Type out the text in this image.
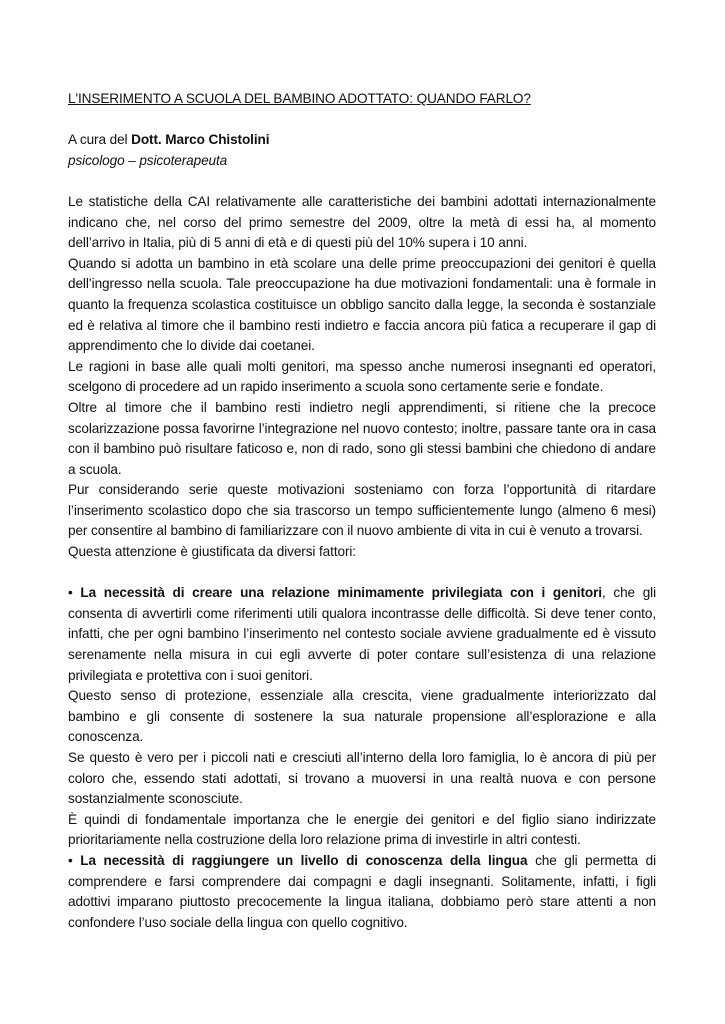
L'INSERIMENTO A SCUOLA DEL BAMBINO ADOTTATO: QUANDO FARLO?
A cura del Dott. Marco Chistolini
psicologo – psicoterapeuta

Le statistiche della CAI relativamente alle caratteristiche dei bambini adottati internazionalmente indicano che, nel corso del primo semestre del 2009, oltre la metà di essi ha, al momento dell’arrivo in Italia, più di 5 anni di età e di questi più del 10% supera i 10 anni.

Quando si adotta un bambino in età scolare una delle prime preoccupazioni dei genitori è quella dell’ingresso nella scuola. Tale preoccupazione ha due motivazioni fondamentali: una è formale in quanto la frequenza scolastica costituisce un obbligo sancito dalla legge, la seconda è sostanziale ed è relativa al timore che il bambino resti indietro e faccia ancora più fatica a recuperare il gap di apprendimento che lo divide dai coetanei.

Le ragioni in base alle quali molti genitori, ma spesso anche numerosi insegnanti ed operatori, scelgono di procedere ad un rapido inserimento a scuola sono certamente serie e fondate.

Oltre al timore che il bambino resti indietro negli apprendimenti, si ritiene che la precoce scolarizzazione possa favorirne l’integrazione nel nuovo contesto; inoltre, passare tante ora in casa con il bambino può risultare faticoso e, non di rado, sono gli stessi bambini che chiedono di andare a scuola.

Pur considerando serie queste motivazioni sosteniamo con forza l’opportunità di ritardare l’inserimento scolastico dopo che sia trascorso un tempo sufficientemente lungo (almeno 6 mesi) per consentire al bambino di familiarizzare con il nuovo ambiente di vita in cui è venuto a trovarsi.

Questa attenzione è giustificata da diversi fattori:

• La necessità di creare una relazione minimamente privilegiata con i genitori, che gli consenta di avvertirli come riferimenti utili qualora incontrasse delle difficoltà. Si deve tener conto, infatti, che per ogni bambino l’inserimento nel contesto sociale avviene gradualmente ed è vissuto serenamente nella misura in cui egli avverte di poter contare sull’esistenza di una relazione privilegiata e protettiva con i suoi genitori.

Questo senso di protezione, essenziale alla crescita, viene gradualmente interiorizzato dal bambino e gli consente di sostenere la sua naturale propensione all’esplorazione e alla conoscenza.

Se questo è vero per i piccoli nati e cresciuti all’interno della loro famiglia, lo è ancora di più per coloro che, essendo stati adottati, si trovano a muoversi in una realtà nuova e con persone sostanzialmente sconosciute.

È quindi di fondamentale importanza che le energie dei genitori e del figlio siano indirizzate prioritariamente nella costruzione della loro relazione prima di investirle in altri contesti.

• La necessità di raggiungere un livello di conoscenza della lingua che gli permetta di comprendere e farsi comprendere dai compagni e dagli insegnanti. Solitamente, infatti, i figli adottivi imparano piuttosto precocemente la lingua italiana, dobbiamo però stare attenti a non confondere l’uso sociale della lingua con quello cognitivo.
